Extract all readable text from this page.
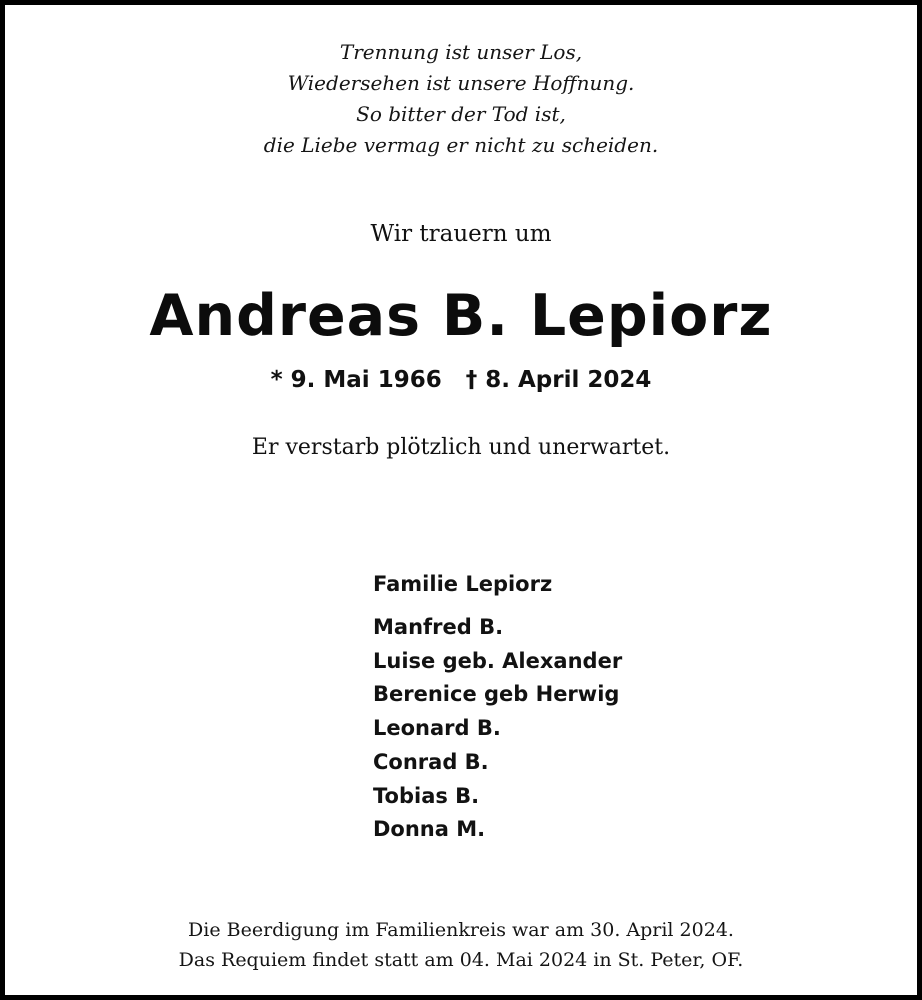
Trennung ist unser Los,
Wiedersehen ist unsere Hoffnung.
So bitter der Tod ist,
die Liebe vermag er nicht zu scheiden.
Wir trauern um
Andreas B. Lepiorz
* 9. Mai 1966 † 8. April 2024
Er verstarb plötzlich und unerwartet.
Familie Lepiorz
Manfred B.
Luise geb. Alexander
Berenice geb Herwig
Leonard B.
Conrad B.
Tobias B.
Donna M.
Die Beerdigung im Familienkreis war am 30. April 2024.
Das Requiem findet statt am 04. Mai 2024 in St. Peter, OF.
